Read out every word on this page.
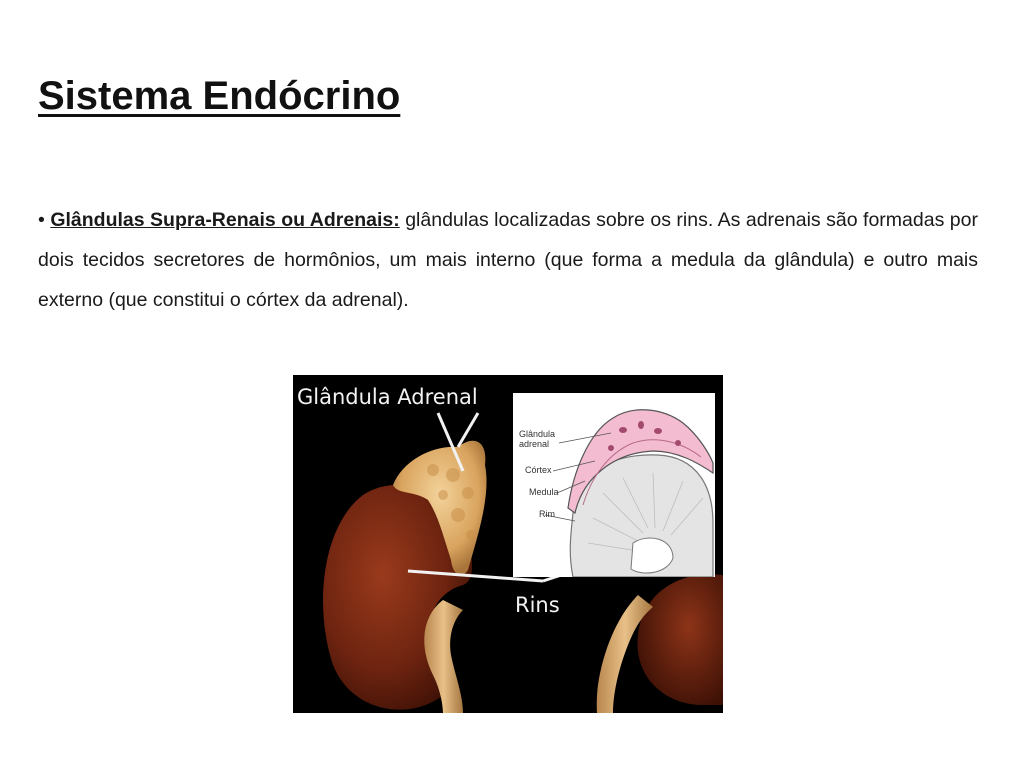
Sistema Endócrino

• Glândulas Supra-Renais ou Adrenais: glândulas localizadas sobre os rins. As adrenais são formadas por dois tecidos secretores de hormônios, um mais interno (que forma a medula da glândula) e outro mais externo (que constitui o córtex da adrenal).

Glândula Adrenal
Rins
Glândula
adrenal
Córtex
Medula
Rim
